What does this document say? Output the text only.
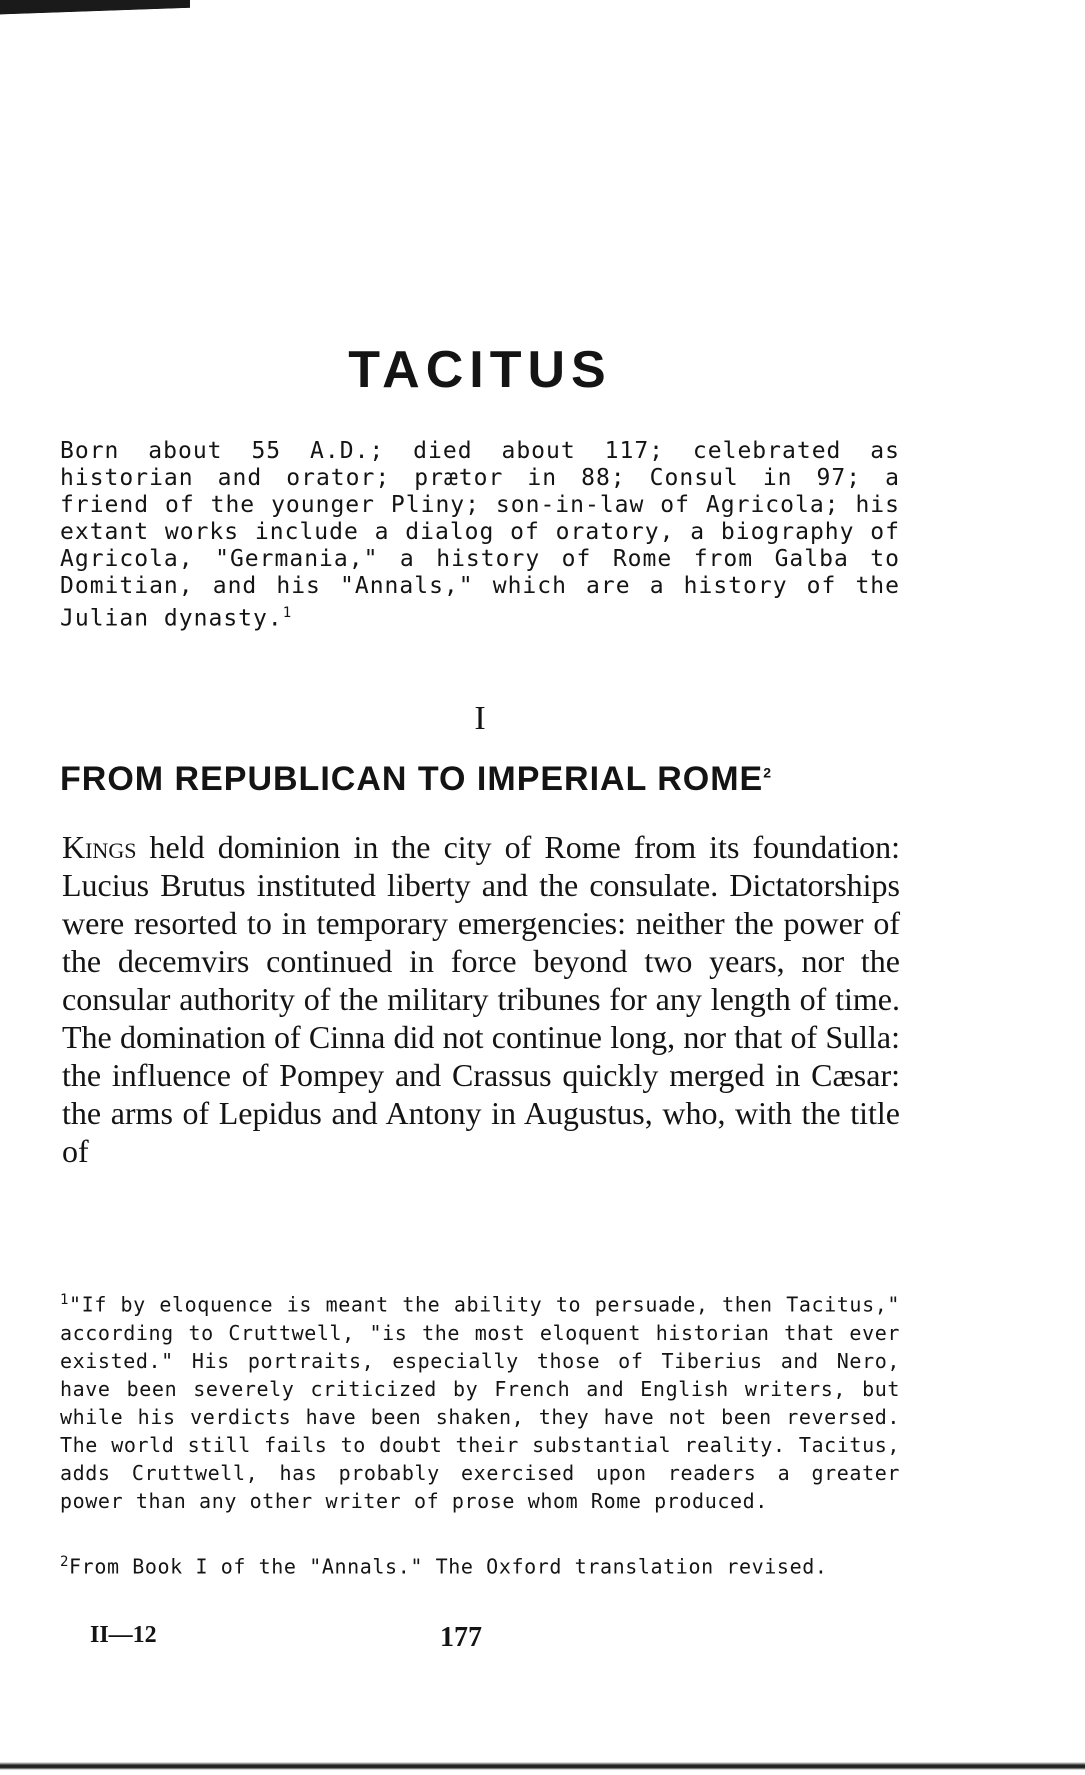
TACITUS
Born about 55 A.D.; died about 117; celebrated as historian and orator; prætor in 88; Consul in 97; a friend of the younger Pliny; son-in-law of Agricola; his extant works include a dialog of oratory, a biography of Agricola, "Germania," a history of Rome from Galba to Domitian, and his "Annals," which are a history of the Julian dynasty.$^1$
I
FROM REPUBLICAN TO IMPERIAL ROME$^2$
Kings held dominion in the city of Rome from its foundation: Lucius Brutus instituted liberty and the consulate. Dictatorships were resorted to in temporary emergencies: neither the power of the decemvirs continued in force beyond two years, nor the consular authority of the military tribunes for any length of time. The domination of Cinna did not continue long, nor that of Sulla: the influence of Pompey and Crassus quickly merged in Cæsar: the arms of Lepidus and Antony in Augustus, who, with the title of
$^1$"If by eloquence is meant the ability to persuade, then Tacitus," according to Cruttwell, "is the most eloquent historian that ever existed." His portraits, especially those of Tiberius and Nero, have been severely criticized by French and English writers, but while his verdicts have been shaken, they have not been reversed. The world still fails to doubt their substantial reality. Tacitus, adds Cruttwell, has probably exercised upon readers a greater power than any other writer of prose whom Rome produced.
$^2$From Book I of the "Annals." The Oxford translation revised.
II—12	177
